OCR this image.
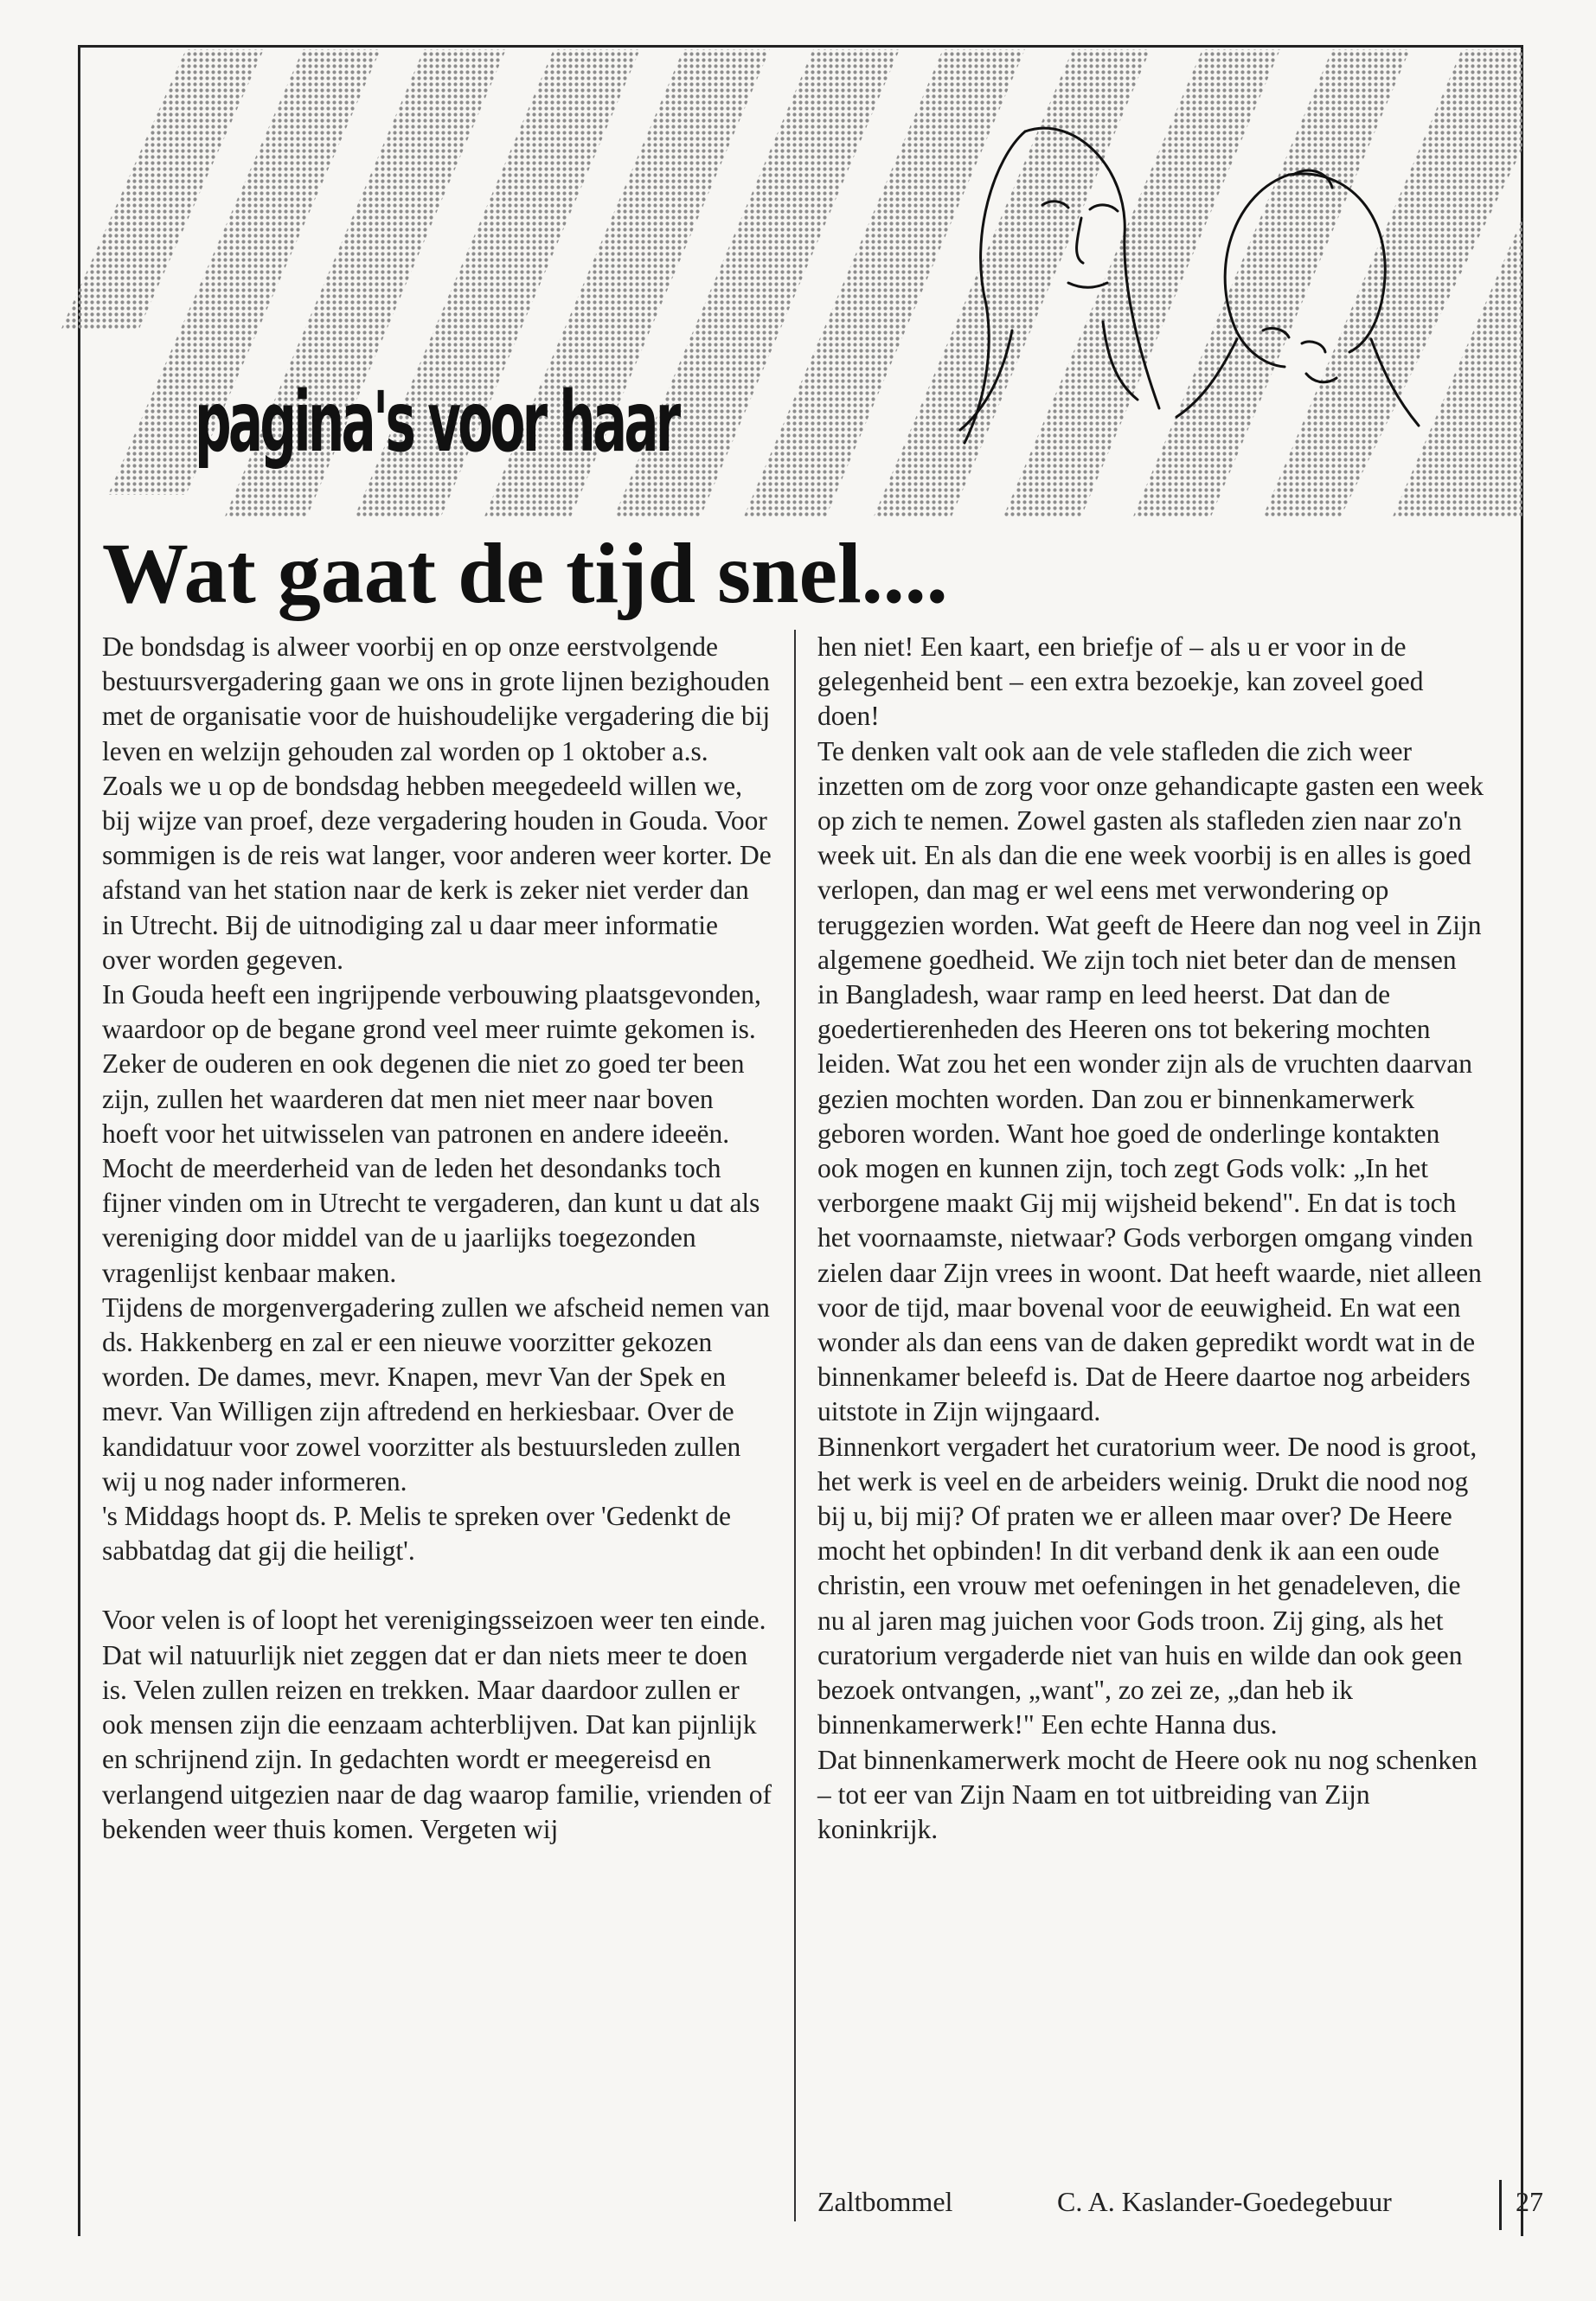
pagina's voor haar
Wat gaat de tijd snel....

De bondsdag is alweer voorbij en op onze eerstvolgende bestuursvergadering gaan we ons in grote lijnen bezighouden met de organisatie voor de huishoudelijke vergadering die bij leven en welzijn gehouden zal worden op 1 oktober a.s.

Zoals we u op de bondsdag hebben meegedeeld willen we, bij wijze van proef, deze vergadering houden in Gouda. Voor sommigen is de reis wat langer, voor anderen weer korter. De afstand van het station naar de kerk is zeker niet verder dan in Utrecht. Bij de uitnodiging zal u daar meer informatie over worden gegeven.

In Gouda heeft een ingrijpende verbouwing plaatsgevonden, waardoor op de begane grond veel meer ruimte gekomen is. Zeker de ouderen en ook degenen die niet zo goed ter been zijn, zullen het waarderen dat men niet meer naar boven hoeft voor het uitwisselen van patronen en andere ideeën.

Mocht de meerderheid van de leden het desondanks toch fijner vinden om in Utrecht te vergaderen, dan kunt u dat als vereniging door middel van de u jaarlijks toegezonden vragenlijst kenbaar maken.

Tijdens de morgenvergadering zullen we afscheid nemen van ds. Hakkenberg en zal er een nieuwe voorzitter gekozen worden. De dames, mevr. Knapen, mevr Van der Spek en mevr. Van Willigen zijn aftredend en herkiesbaar. Over de kandidatuur voor zowel voorzitter als bestuursleden zullen wij u nog nader informeren.

's Middags hoopt ds. P. Melis te spreken over 'Gedenkt de sabbatdag dat gij die heiligt'.

Voor velen is of loopt het verenigingsseizoen weer ten einde. Dat wil natuurlijk niet zeggen dat er dan niets meer te doen is. Velen zullen reizen en trekken. Maar daardoor zullen er ook mensen zijn die eenzaam achterblijven. Dat kan pijnlijk en schrijnend zijn. In gedachten wordt er meegereisd en verlangend uitgezien naar de dag waarop familie, vrienden of bekenden weer thuis komen. Vergeten wij

hen niet! Een kaart, een briefje of – als u er voor in de gelegenheid bent – een extra bezoekje, kan zoveel goed doen!

Te denken valt ook aan de vele stafleden die zich weer inzetten om de zorg voor onze gehandicapte gasten een week op zich te nemen. Zowel gasten als stafleden zien naar zo'n week uit. En als dan die ene week voorbij is en alles is goed verlopen, dan mag er wel eens met verwondering op teruggezien worden. Wat geeft de Heere dan nog veel in Zijn algemene goedheid. We zijn toch niet beter dan de mensen in Bangladesh, waar ramp en leed heerst. Dat dan de goedertierenheden des Heeren ons tot bekering mochten leiden. Wat zou het een wonder zijn als de vruchten daarvan gezien mochten worden. Dan zou er binnenkamerwerk geboren worden. Want hoe goed de onderlinge kontakten ook mogen en kunnen zijn, toch zegt Gods volk: „In het verborgene maakt Gij mij wijsheid bekend". En dat is toch het voornaamste, nietwaar? Gods verborgen omgang vinden zielen daar Zijn vrees in woont. Dat heeft waarde, niet alleen voor de tijd, maar bovenal voor de eeuwigheid. En wat een wonder als dan eens van de daken gepredikt wordt wat in de binnenkamer beleefd is. Dat de Heere daartoe nog arbeiders uitstote in Zijn wijngaard.

Binnenkort vergadert het curatorium weer. De nood is groot, het werk is veel en de arbeiders weinig. Drukt die nood nog bij u, bij mij? Of praten we er alleen maar over? De Heere mocht het opbinden! In dit verband denk ik aan een oude christin, een vrouw met oefeningen in het genadeleven, die nu al jaren mag juichen voor Gods troon. Zij ging, als het curatorium vergaderde niet van huis en wilde dan ook geen bezoek ontvangen, „want", zo zei ze, „dan heb ik binnenkamerwerk!" Een echte Hanna dus.

Dat binnenkamerwerk mocht de Heere ook nu nog schenken – tot eer van Zijn Naam en tot uitbreiding van Zijn koninkrijk.

Zaltbommel	C. A. Kaslander-Goedegebuur	27
